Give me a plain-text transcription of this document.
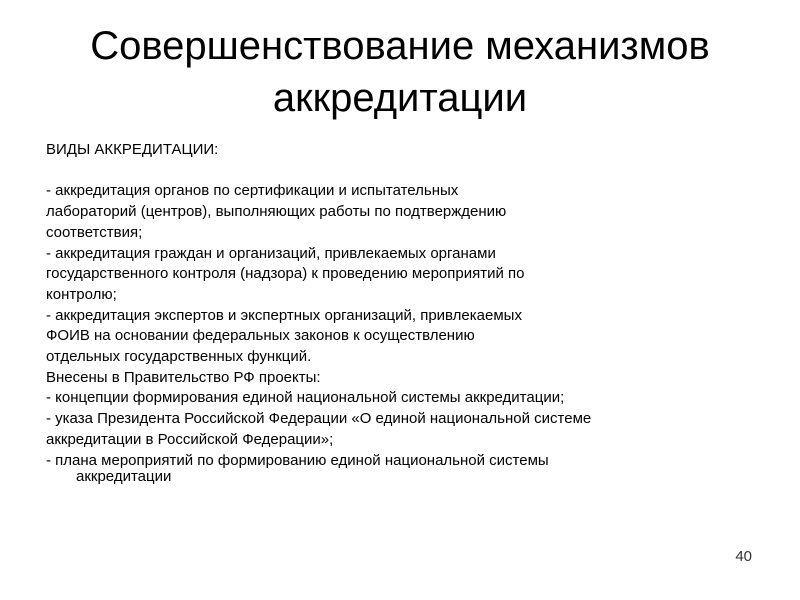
Совершенствование механизмов
аккредитации
ВИДЫ АККРЕДИТАЦИИ:
- аккредитация органов по сертификации и испытательных
лабораторий (центров), выполняющих работы по подтверждению
соответствия;
- аккредитация граждан и организаций, привлекаемых органами
государственного контроля (надзора) к проведению мероприятий по
контролю;
- аккредитация экспертов и экспертных организаций, привлекаемых
ФОИВ на основании федеральных законов к осуществлению
отдельных государственных функций.
Внесены в Правительство РФ проекты:
- концепции формирования единой национальной системы аккредитации;
- указа Президента Российской Федерации «О единой национальной системе
аккредитации в Российской Федерации»;
- плана мероприятий по формированию единой национальной системы
аккредитации
40
